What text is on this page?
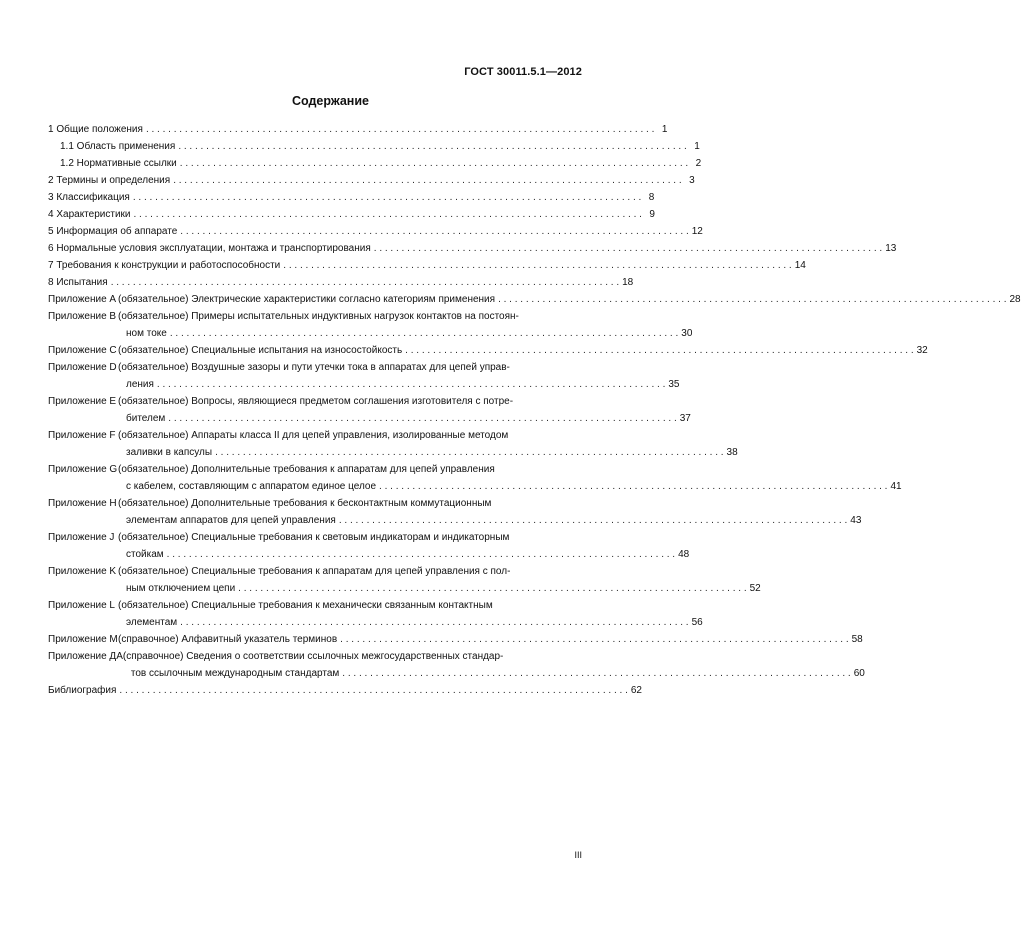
ГОСТ 30011.5.1—2012
Содержание
1 Общие положения . . .	1
1.1 Область применения . . .	1
1.2 Нормативные ссылки . . .	2
2 Термины и определения . . .	3
3 Классификация . . .	8
4 Характеристики . . .	9
5 Информация об аппарате . . .	12
6 Нормальные условия эксплуатации, монтажа и транспортирования . . .	13
7 Требования к конструкции и работоспособности . . .	14
8 Испытания . . .	18
Приложение A (обязательное) Электрические характеристики согласно категориям применения . . .	28
Приложение B (обязательное) Примеры испытательных индуктивных нагрузок контактов на постоян-
ном токе . . .	30
Приложение C (обязательное) Специальные испытания на износостойкость . . .	32
Приложение D (обязательное) Воздушные зазоры и пути утечки тока в аппаратах для цепей управ-
ления . . .	35
Приложение E (обязательное) Вопросы, являющиеся предметом соглашения изготовителя с потре-
бителем . . .	37
Приложение F (обязательное) Аппараты класса II для цепей управления, изолированные методом
заливки в капсулы . . .	38
Приложение G (обязательное) Дополнительные требования к аппаратам для цепей управления
с кабелем, составляющим с аппаратом единое целое . . .	41
Приложение H (обязательное) Дополнительные требования к бесконтактным коммутационным
элементам аппаратов для цепей управления . . .	43
Приложение J (обязательное) Специальные требования к световым индикаторам и индикаторным
стойкам . . .	48
Приложение K (обязательное) Специальные требования к аппаратам для цепей управления с пол-
ным отключением цепи . . .	52
Приложение L (обязательное) Специальные требования к механически связанным контактным
элементам . . .	56
Приложение M (справочное) Алфавитный указатель терминов . . .	58
Приложение ДА (справочное) Сведения о соответствии ссылочных межгосударственных стандар-
тов ссылочным международным стандартам . . .	60
Библиография . . .	62
III
